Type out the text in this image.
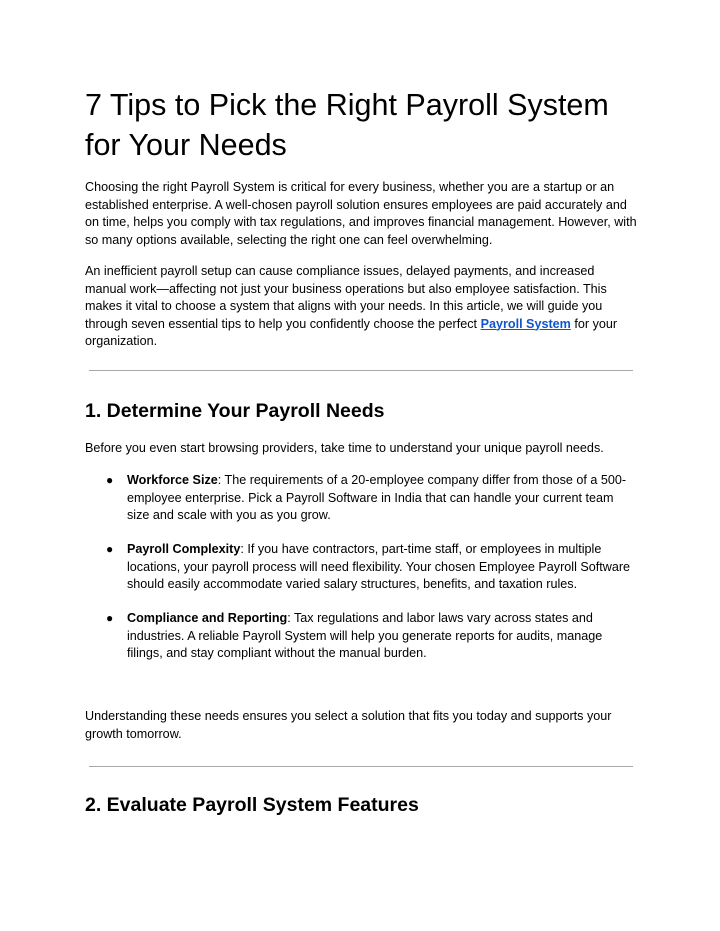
7 Tips to Pick the Right Payroll System for Your Needs

Choosing the right Payroll System is critical for every business, whether you are a startup or an established enterprise. A well-chosen payroll solution ensures employees are paid accurately and on time, helps you comply with tax regulations, and improves financial management. However, with so many options available, selecting the right one can feel overwhelming.

An inefficient payroll setup can cause compliance issues, delayed payments, and increased manual work—affecting not just your business operations but also employee satisfaction. This makes it vital to choose a system that aligns with your needs. In this article, we will guide you through seven essential tips to help you confidently choose the perfect Payroll System for your organization.

1. Determine Your Payroll Needs

Before you even start browsing providers, take time to understand your unique payroll needs.

● Workforce Size: The requirements of a 20-employee company differ from those of a 500-employee enterprise. Pick a Payroll Software in India that can handle your current team size and scale with you as you grow.
● Payroll Complexity: If you have contractors, part-time staff, or employees in multiple locations, your payroll process will need flexibility. Your chosen Employee Payroll Software should easily accommodate varied salary structures, benefits, and taxation rules.
● Compliance and Reporting: Tax regulations and labor laws vary across states and industries. A reliable Payroll System will help you generate reports for audits, manage filings, and stay compliant without the manual burden.

Understanding these needs ensures you select a solution that fits you today and supports your growth tomorrow.

2. Evaluate Payroll System Features
